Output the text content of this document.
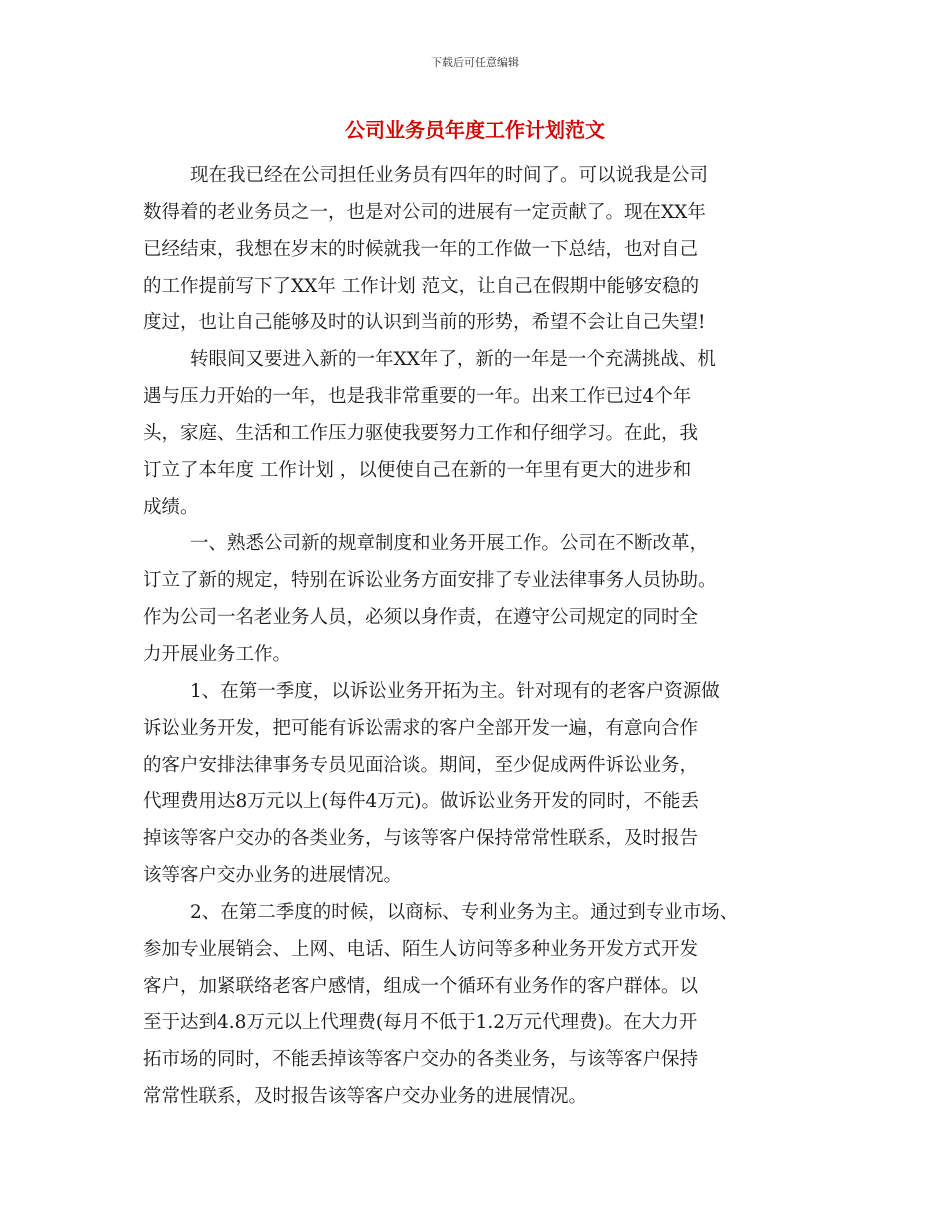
下载后可任意编辑
公司业务员年度工作计划范文
现在我已经在公司担任业务员有四年的时间了。可以说我是公司
数得着的老业务员之一，也是对公司的进展有一定贡献了。现在XX年
已经结束，我想在岁末的时候就我一年的工作做一下总结，也对自己
的工作提前写下了XX年 工作计划 范文，让自己在假期中能够安稳的
度过，也让自己能够及时的认识到当前的形势，希望不会让自己失望!
转眼间又要进入新的一年XX年了，新的一年是一个充满挑战、机
遇与压力开始的一年，也是我非常重要的一年。出来工作已过4个年
头，家庭、生活和工作压力驱使我要努力工作和仔细学习。在此，我
订立了本年度 工作计划 ，以便使自己在新的一年里有更大的进步和
成绩。
一、熟悉公司新的规章制度和业务开展工作。公司在不断改革，
订立了新的规定，特别在诉讼业务方面安排了专业法律事务人员协助。
作为公司一名老业务人员，必须以身作责，在遵守公司规定的同时全
力开展业务工作。
1、在第一季度，以诉讼业务开拓为主。针对现有的老客户资源做
诉讼业务开发，把可能有诉讼需求的客户全部开发一遍，有意向合作
的客户安排法律事务专员见面洽谈。期间，至少促成两件诉讼业务，
代理费用达8万元以上(每件4万元)。做诉讼业务开发的同时，不能丢
掉该等客户交办的各类业务，与该等客户保持常常性联系，及时报告
该等客户交办业务的进展情况。
2、在第二季度的时候，以商标、专利业务为主。通过到专业市场、
参加专业展销会、上网、电话、陌生人访问等多种业务开发方式开发
客户，加紧联络老客户感情，组成一个循环有业务作的客户群体。以
至于达到4.8万元以上代理费(每月不低于1.2万元代理费)。在大力开
拓市场的同时，不能丢掉该等客户交办的各类业务，与该等客户保持
常常性联系，及时报告该等客户交办业务的进展情况。
